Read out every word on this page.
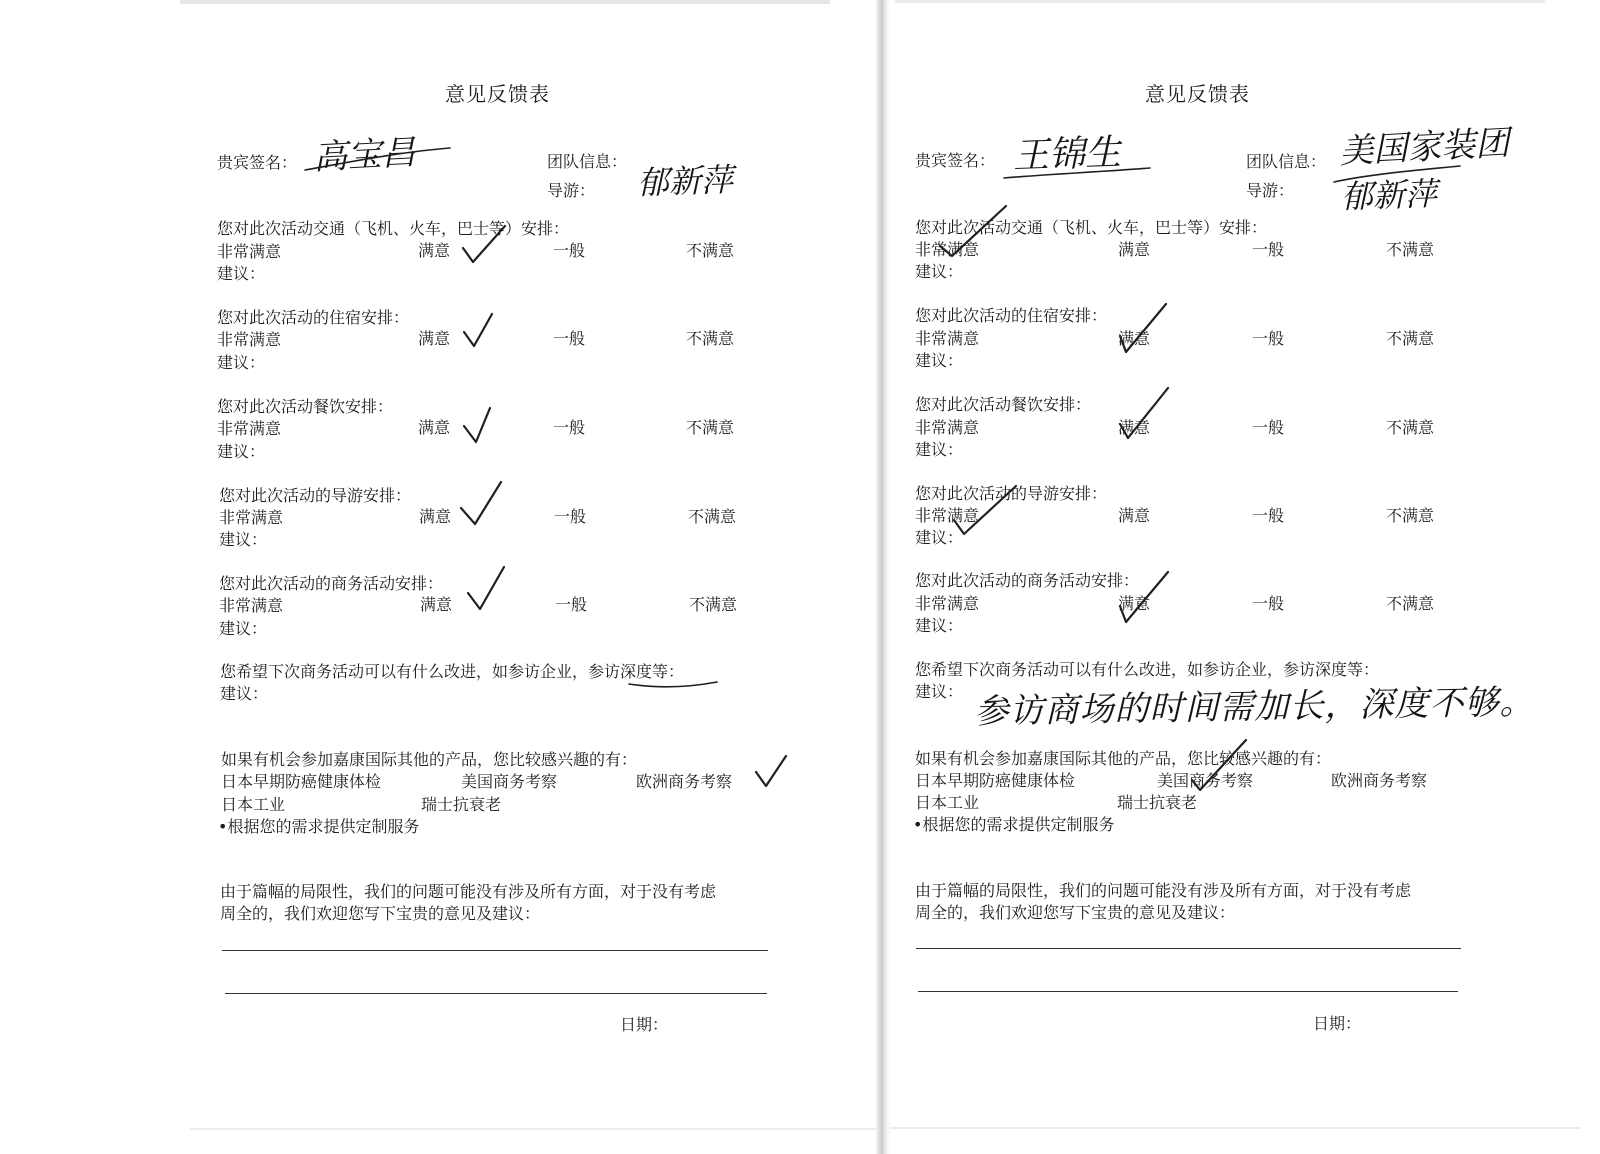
意见反馈表
贵宾签名： 高宝昌	团队信息：
导游： 郁新萍
您对此次活动交通（飞机、火车，巴士等）安排：
非常满意	满意	一般	不满意
建议：
您对此次活动的住宿安排：
非常满意	满意	一般	不满意
建议：
您对此次活动餐饮安排：
非常满意	满意	一般	不满意
建议：
您对此次活动的导游安排：
非常满意	满意	一般	不满意
建议：
您对此次活动的商务活动安排：
非常满意	满意	一般	不满意
建议：
您希望下次商务活动可以有什么改进，如参访企业，参访深度等：
建议：
如果有机会参加嘉康国际其他的产品，您比较感兴趣的有：
日本早期防癌健康体检	美国商务考察	欧洲商务考察
日本工业	瑞士抗衰老
•根据您的需求提供定制服务
由于篇幅的局限性，我们的问题可能没有涉及所有方面，对于没有考虑
周全的，我们欢迎您写下宝贵的意见及建议：
日期：
意见反馈表
贵宾签名： 王锦生	团队信息： 美国家装团
导游： 郁新萍
您对此次活动交通（飞机、火车，巴士等）安排：
非常满意	满意	一般	不满意
建议：
您对此次活动的住宿安排：
非常满意	满意	一般	不满意
建议：
您对此次活动餐饮安排：
非常满意	满意	一般	不满意
建议：
您对此次活动的导游安排：
非常满意	满意	一般	不满意
建议：
您对此次活动的商务活动安排：
非常满意	满意	一般	不满意
建议：
您希望下次商务活动可以有什么改进，如参访企业，参访深度等：
建议： 参访商场的时间需加长，深度不够。
如果有机会参加嘉康国际其他的产品，您比较感兴趣的有：
日本早期防癌健康体检	美国商务考察	欧洲商务考察
日本工业	瑞士抗衰老
•根据您的需求提供定制服务
由于篇幅的局限性，我们的问题可能没有涉及所有方面，对于没有考虑
周全的，我们欢迎您写下宝贵的意见及建议：
日期：
